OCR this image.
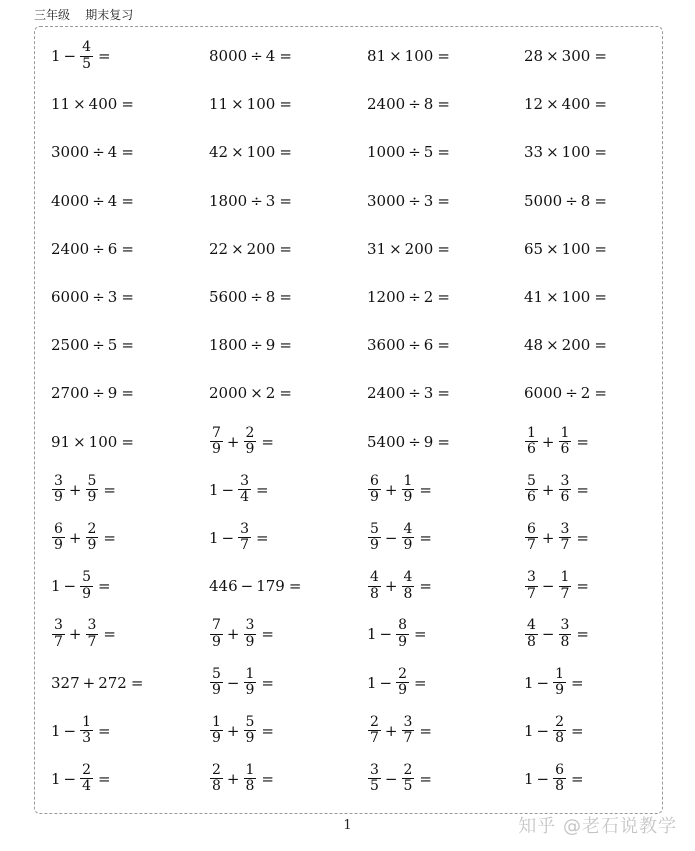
三年级    期末复习
$1 - \frac{4}{5}$ =	8000 ÷ 4 =	81 × 100 =	28 × 300 =
11 × 400 =	11 × 100 =	2400 ÷ 8 =	12 × 400 =
3000 ÷ 4 =	42 × 100 =	1000 ÷ 5 =	33 × 100 =
4000 ÷ 4 =	1800 ÷ 3 =	3000 ÷ 3 =	5000 ÷ 8 =
2400 ÷ 6 =	22 × 200 =	31 × 200 =	65 × 100 =
6000 ÷ 3 =	5600 ÷ 8 =	1200 ÷ 2 =	41 × 100 =
2500 ÷ 5 =	1800 ÷ 9 =	3600 ÷ 6 =	48 × 200 =
2700 ÷ 9 =	2000 × 2 =	2400 ÷ 3 =	6000 ÷ 2 =
91 × 100 =	$\frac{7}{9} + \frac{2}{9}$ =	5400 ÷ 9 =	$\frac{1}{6} + \frac{1}{6}$ =
$\frac{3}{9} + \frac{5}{9}$ =	$1 - \frac{3}{4}$ =	$\frac{6}{9} + \frac{1}{9}$ =	$\frac{5}{6} + \frac{3}{6}$ =
$\frac{6}{9} + \frac{2}{9}$ =	$1 - \frac{3}{7}$ =	$\frac{5}{9} - \frac{4}{9}$ =	$\frac{6}{7} + \frac{3}{7}$ =
$1 - \frac{5}{9}$ =	446 − 179 =	$\frac{4}{8} + \frac{4}{8}$ =	$\frac{3}{7} - \frac{1}{7}$ =
$\frac{3}{7} + \frac{3}{7}$ =	$\frac{7}{9} + \frac{3}{9}$ =	$1 - \frac{8}{9}$ =	$\frac{4}{8} - \frac{3}{8}$ =
327 + 272 =	$\frac{5}{9} - \frac{1}{9}$ =	$1 - \frac{2}{9}$ =	$1 - \frac{1}{9}$ =
$1 - \frac{1}{3}$ =	$\frac{1}{9} + \frac{5}{9}$ =	$\frac{2}{7} + \frac{3}{7}$ =	$1 - \frac{2}{8}$ =
$1 - \frac{2}{4}$ =	$\frac{2}{8} + \frac{1}{8}$ =	$\frac{3}{5} - \frac{2}{5}$ =	$1 - \frac{6}{8}$ =
1	知乎 @老石说教学
